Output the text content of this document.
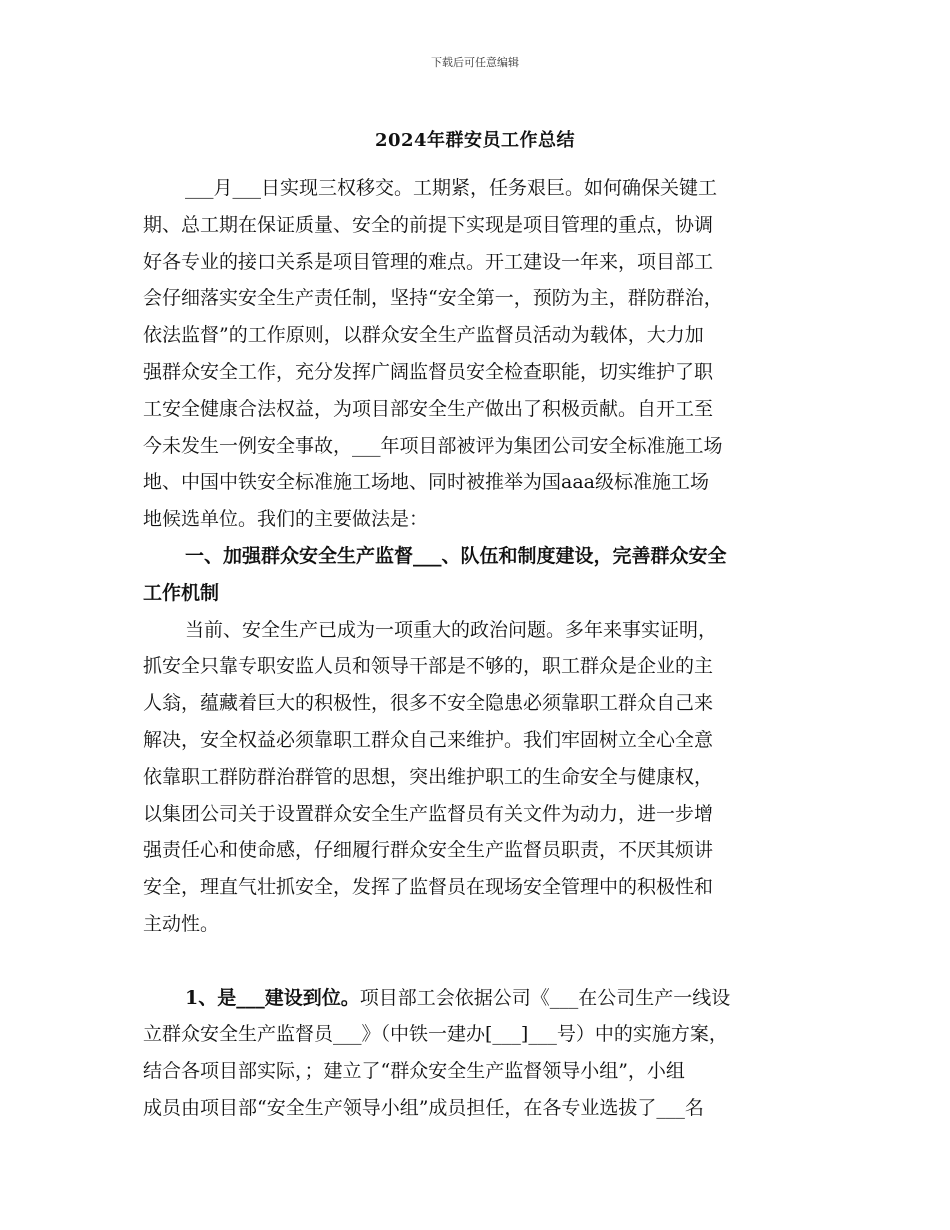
下载后可任意编辑
2024年群安员工作总结
___月___日实现三权移交。工期紧，任务艰巨。如何确保关键工
期、总工期在保证质量、安全的前提下实现是项目管理的重点，协调
好各专业的接口关系是项目管理的难点。开工建设一年来，项目部工
会仔细落实安全生产责任制，坚持“安全第一，预防为主，群防群治，
依法监督”的工作原则，以群众安全生产监督员活动为载体，大力加
强群众安全工作，充分发挥广阔监督员安全检查职能，切实维护了职
工安全健康合法权益，为项目部安全生产做出了积极贡献。自开工至
今未发生一例安全事故，___年项目部被评为集团公司安全标准施工场
地、中国中铁安全标准施工场地、同时被推举为国aaa级标准施工场
地候选单位。我们的主要做法是：
一、加强群众安全生产监督___、队伍和制度建设，完善群众安全
工作机制
当前、安全生产已成为一项重大的政治问题。多年来事实证明，
抓安全只靠专职安监人员和领导干部是不够的，职工群众是企业的主
人翁，蕴藏着巨大的积极性，很多不安全隐患必须靠职工群众自己来
解决，安全权益必须靠职工群众自己来维护。我们牢固树立全心全意
依靠职工群防群治群管的思想，突出维护职工的生命安全与健康权，
以集团公司关于设置群众安全生产监督员有关文件为动力，进一步增
强责任心和使命感，仔细履行群众安全生产监督员职责，不厌其烦讲
安全，理直气壮抓安全，发挥了监督员在现场安全管理中的积极性和
主动性。
1、是___建设到位。项目部工会依据公司《___在公司生产一线设
立群众安全生产监督员___》（中铁一建办[___]___号）中的实施方案，
结合各项目部实际，；建立了“群众安全生产监督领导小组”，小组
成员由项目部“安全生产领导小组”成员担任，在各专业选拔了___名
